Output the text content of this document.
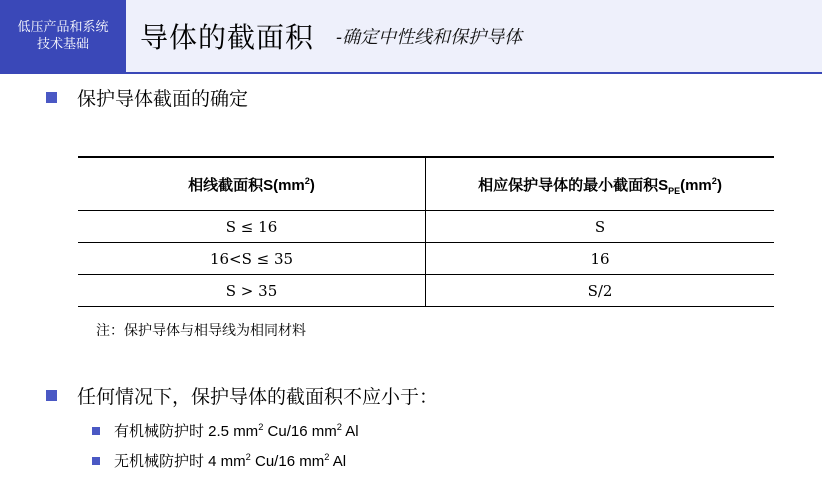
低压产品和系统
技术基础	导体的截面积 -确定中性线和保护导体
保护导体截面的确定
相线截面积$S(mm^2)$	相应保护导体的最小截面积$S_{PE}(mm^2)$
S ≤ 16	S
16<S ≤ 35	16
S > 35	S/2
注：保护导体与相导线为相同材料
任何情况下，保护导体的截面积不应小于：
有机械防护时 2.5 $mm^2$ Cu/16 $mm^2$ Al
无机械防护时 4 $mm^2$ Cu/16 $mm^2$ Al
